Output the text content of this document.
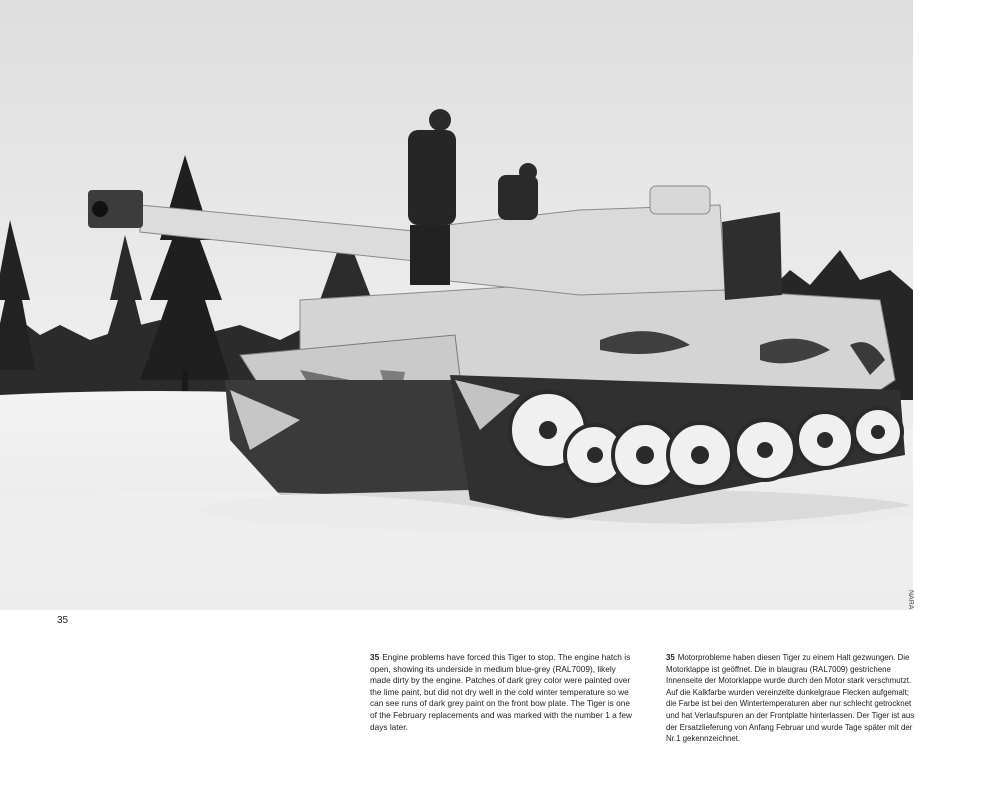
NARA
35
35 Engine problems have forced this Tiger to stop. The engine hatch is open, showing its underside in medium blue-grey (RAL7009), likely made dirty by the engine. Patches of dark grey color were painted over the lime paint, but did not dry well in the cold winter temperature so we can see runs of dark grey paint on the front bow plate. The Tiger is one of the February replacements and was marked with the number 1 a few days later.
35 Motorprobleme haben diesen Tiger zu einem Halt gezwungen. Die Motorklappe ist geöffnet. Die in blaugrau (RAL7009) gestrichene Innenseite der Motorklappe wurde durch den Motor stark verschmutzt. Auf die Kalkfarbe wurden vereinzelte dunkelgraue Flecken aufgemalt; die Farbe ist bei den Wintertemperaturen aber nur schlecht getrocknet und hat Verlaufspuren an der Frontplatte hinterlassen. Der Tiger ist aus der Ersatzlieferung von Anfang Februar und wurde Tage später mit der Nr.1 gekennzeichnet.
